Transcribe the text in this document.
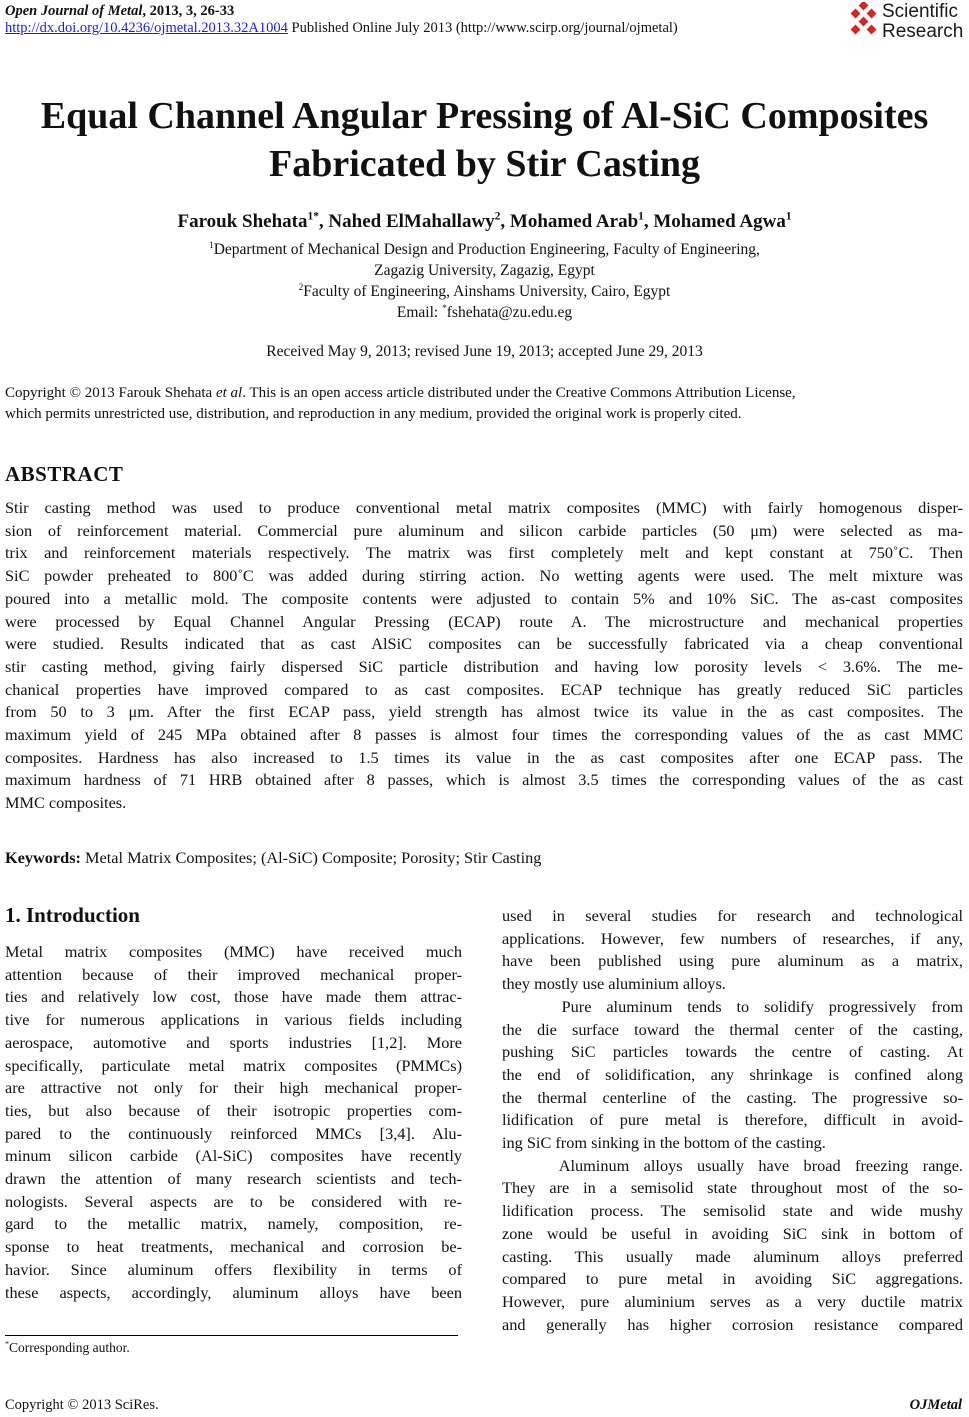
Open Journal of Metal, 2013, 3, 26-33
http://dx.doi.org/10.4236/ojmetal.2013.32A1004 Published Online July 2013 (http://www.scirp.org/journal/ojmetal)
Scientific
Research
Equal Channel Angular Pressing of Al-SiC Composites
Fabricated by Stir Casting
Farouk Shehata$^{1*}$, Nahed ElMahallawy$^2$, Mohamed Arab$^1$, Mohamed Agwa$^1$
$^1$Department of Mechanical Design and Production Engineering, Faculty of Engineering,
Zagazig University, Zagazig, Egypt
$^2$Faculty of Engineering, Ainshams University, Cairo, Egypt
Email: *fshehata@zu.edu.eg
Received May 9, 2013; revised June 19, 2013; accepted June 29, 2013
Copyright © 2013 Farouk Shehata et al. This is an open access article distributed under the Creative Commons Attribution License,
which permits unrestricted use, distribution, and reproduction in any medium, provided the original work is properly cited.
ABSTRACT
Stir casting method was used to produce conventional metal matrix composites (MMC) with fairly homogenous disper-
sion of reinforcement material. Commercial pure aluminum and silicon carbide particles (50 μm) were selected as ma-
trix and reinforcement materials respectively. The matrix was first completely melt and kept constant at 750˚C. Then
SiC powder preheated to 800˚C was added during stirring action. No wetting agents were used. The melt mixture was
poured into a metallic mold. The composite contents were adjusted to contain 5% and 10% SiC. The as-cast composites
were processed by Equal Channel Angular Pressing (ECAP) route A. The microstructure and mechanical properties
were studied. Results indicated that as cast AlSiC composites can be successfully fabricated via a cheap conventional
stir casting method, giving fairly dispersed SiC particle distribution and having low porosity levels < 3.6%. The me-
chanical properties have improved compared to as cast composites. ECAP technique has greatly reduced SiC particles
from 50 to 3 μm. After the first ECAP pass, yield strength has almost twice its value in the as cast composites. The
maximum yield of 245 MPa obtained after 8 passes is almost four times the corresponding values of the as cast MMC
composites. Hardness has also increased to 1.5 times its value in the as cast composites after one ECAP pass. The
maximum hardness of 71 HRB obtained after 8 passes, which is almost 3.5 times the corresponding values of the as cast
MMC composites.
Keywords: Metal Matrix Composites; (Al-SiC) Composite; Porosity; Stir Casting
1. Introduction
Metal matrix composites (MMC) have received much
attention because of their improved mechanical proper-
ties and relatively low cost, those have made them attrac-
tive for numerous applications in various fields including
aerospace, automotive and sports industries [1,2]. More
specifically, particulate metal matrix composites (PMMCs)
are attractive not only for their high mechanical proper-
ties, but also because of their isotropic properties com-
pared to the continuously reinforced MMCs [3,4]. Alu-
minum silicon carbide (Al-SiC) composites have recently
drawn the attention of many research scientists and tech-
nologists. Several aspects are to be considered with re-
gard to the metallic matrix, namely, composition, re-
sponse to heat treatments, mechanical and corrosion be-
havior. Since aluminum offers flexibility in terms of
these aspects, accordingly, aluminum alloys have been
used in several studies for research and technological
applications. However, few numbers of researches, if any,
have been published using pure aluminum as a matrix,
they mostly use aluminium alloys.
Pure aluminum tends to solidify progressively from
the die surface toward the thermal center of the casting,
pushing SiC particles towards the centre of casting. At
the end of solidification, any shrinkage is confined along
the thermal centerline of the casting. The progressive so-
lidification of pure metal is therefore, difficult in avoid-
ing SiC from sinking in the bottom of the casting.
Aluminum alloys usually have broad freezing range.
They are in a semisolid state throughout most of the so-
lidification process. The semisolid state and wide mushy
zone would be useful in avoiding SiC sink in bottom of
casting. This usually made aluminum alloys preferred
compared to pure metal in avoiding SiC aggregations.
However, pure aluminium serves as a very ductile matrix
and generally has higher corrosion resistance compared
*Corresponding author.
Copyright © 2013 SciRes.	OJMetal
